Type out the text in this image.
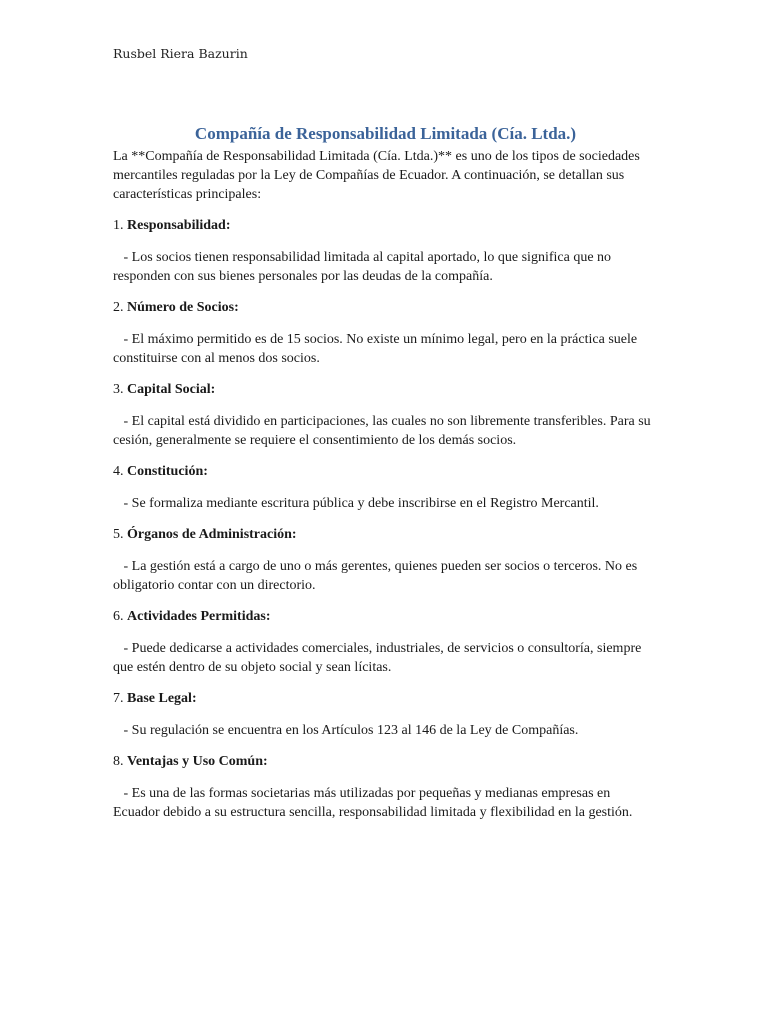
Rusbel Riera Bazurin
Compañía de Responsabilidad Limitada (Cía. Ltda.)

La **Compañía de Responsabilidad Limitada (Cía. Ltda.)** es uno de los tipos de sociedades mercantiles reguladas por la Ley de Compañías de Ecuador. A continuación, se detallan sus características principales:

1. Responsabilidad:

- Los socios tienen responsabilidad limitada al capital aportado, lo que significa que no responden con sus bienes personales por las deudas de la compañía.

2. Número de Socios:

- El máximo permitido es de 15 socios. No existe un mínimo legal, pero en la práctica suele constituirse con al menos dos socios.

3. Capital Social:

- El capital está dividido en participaciones, las cuales no son libremente transferibles. Para su cesión, generalmente se requiere el consentimiento de los demás socios.

4. Constitución:

- Se formaliza mediante escritura pública y debe inscribirse en el Registro Mercantil.

5. Órganos de Administración:

- La gestión está a cargo de uno o más gerentes, quienes pueden ser socios o terceros. No es obligatorio contar con un directorio.

6. Actividades Permitidas:

- Puede dedicarse a actividades comerciales, industriales, de servicios o consultoría, siempre que estén dentro de su objeto social y sean lícitas.

7. Base Legal:

- Su regulación se encuentra en los Artículos 123 al 146 de la Ley de Compañías.

8. Ventajas y Uso Común:

- Es una de las formas societarias más utilizadas por pequeñas y medianas empresas en Ecuador debido a su estructura sencilla, responsabilidad limitada y flexibilidad en la gestión.
